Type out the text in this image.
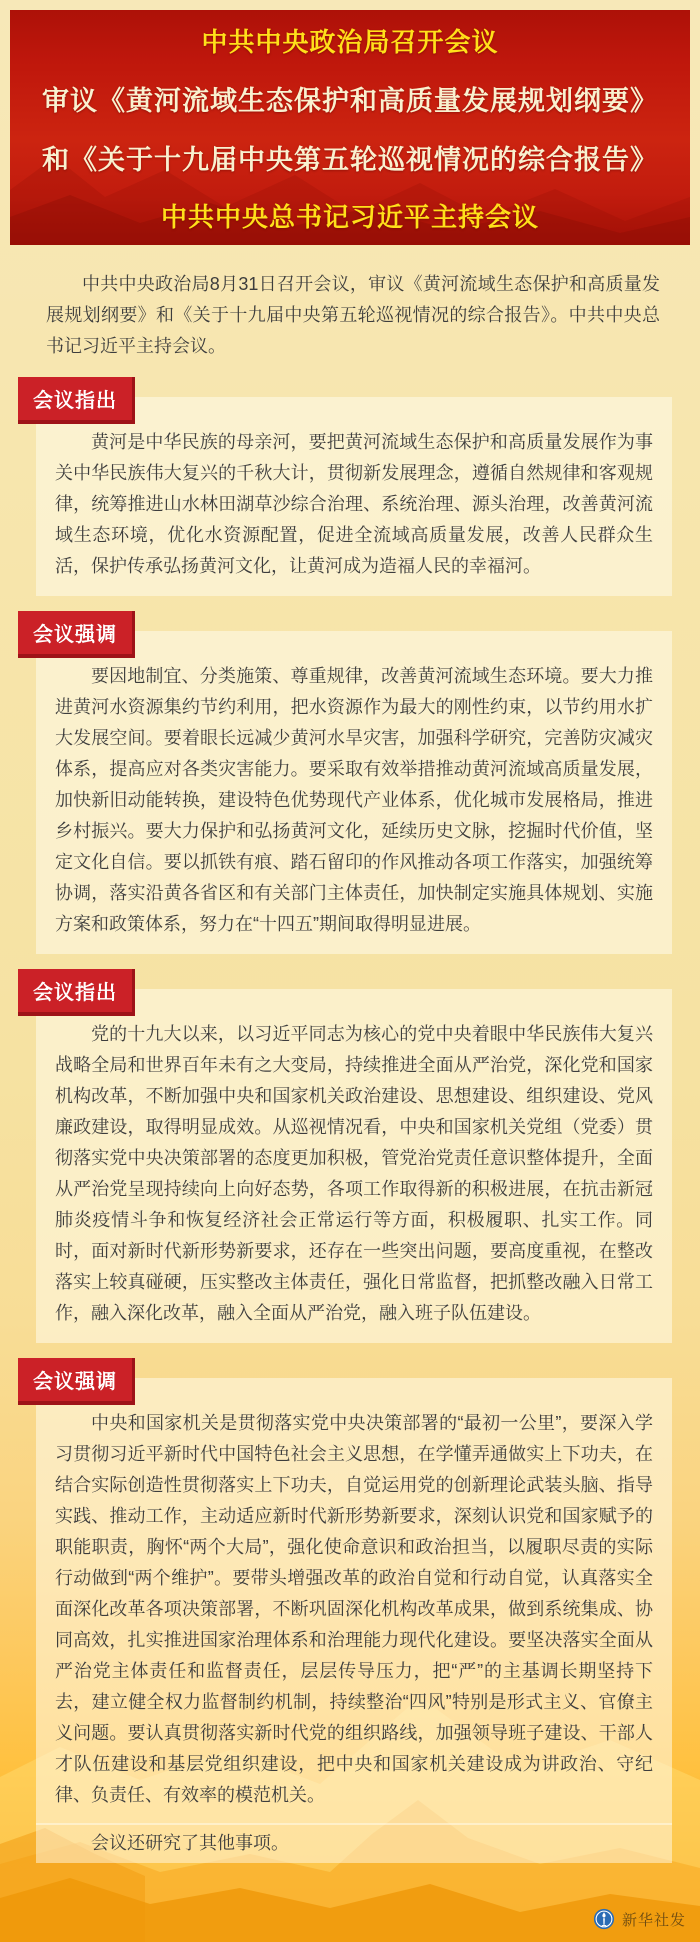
中共中央政治局召开会议
审议《黄河流域生态保护和高质量发展规划纲要》
和《关于十九届中央第五轮巡视情况的综合报告》
中共中央总书记习近平主持会议

中共中央政治局8月31日召开会议，审议《黄河流域生态保护和高质量发展规划纲要》和《关于十九届中央第五轮巡视情况的综合报告》。中共中央总书记习近平主持会议。

会议指出

黄河是中华民族的母亲河，要把黄河流域生态保护和高质量发展作为事关中华民族伟大复兴的千秋大计，贯彻新发展理念，遵循自然规律和客观规律，统筹推进山水林田湖草沙综合治理、系统治理、源头治理，改善黄河流域生态环境，优化水资源配置，促进全流域高质量发展，改善人民群众生活，保护传承弘扬黄河文化，让黄河成为造福人民的幸福河。

会议强调

要因地制宜、分类施策、尊重规律，改善黄河流域生态环境。要大力推进黄河水资源集约节约利用，把水资源作为最大的刚性约束，以节约用水扩大发展空间。要着眼长远减少黄河水旱灾害，加强科学研究，完善防灾减灾体系，提高应对各类灾害能力。要采取有效举措推动黄河流域高质量发展，加快新旧动能转换，建设特色优势现代产业体系，优化城市发展格局，推进乡村振兴。要大力保护和弘扬黄河文化，延续历史文脉，挖掘时代价值，坚定文化自信。要以抓铁有痕、踏石留印的作风推动各项工作落实，加强统筹协调，落实沿黄各省区和有关部门主体责任，加快制定实施具体规划、实施方案和政策体系，努力在“十四五”期间取得明显进展。

会议指出

党的十九大以来，以习近平同志为核心的党中央着眼中华民族伟大复兴战略全局和世界百年未有之大变局，持续推进全面从严治党，深化党和国家机构改革，不断加强中央和国家机关政治建设、思想建设、组织建设、党风廉政建设，取得明显成效。从巡视情况看，中央和国家机关党组（党委）贯彻落实党中央决策部署的态度更加积极，管党治党责任意识整体提升，全面从严治党呈现持续向上向好态势，各项工作取得新的积极进展，在抗击新冠肺炎疫情斗争和恢复经济社会正常运行等方面，积极履职、扎实工作。同时，面对新时代新形势新要求，还存在一些突出问题，要高度重视，在整改落实上较真碰硬，压实整改主体责任，强化日常监督，把抓整改融入日常工作，融入深化改革，融入全面从严治党，融入班子队伍建设。

会议强调

中央和国家机关是贯彻落实党中央决策部署的“最初一公里”，要深入学习贯彻习近平新时代中国特色社会主义思想，在学懂弄通做实上下功夫，在结合实际创造性贯彻落实上下功夫，自觉运用党的创新理论武装头脑、指导实践、推动工作，主动适应新时代新形势新要求，深刻认识党和国家赋予的职能职责，胸怀“两个大局”，强化使命意识和政治担当，以履职尽责的实际行动做到“两个维护”。要带头增强改革的政治自觉和行动自觉，认真落实全面深化改革各项决策部署，不断巩固深化机构改革成果，做到系统集成、协同高效，扎实推进国家治理体系和治理能力现代化建设。要坚决落实全面从严治党主体责任和监督责任，层层传导压力，把“严”的主基调长期坚持下去，建立健全权力监督制约机制，持续整治“四风”特别是形式主义、官僚主义问题。要认真贯彻落实新时代党的组织路线，加强领导班子建设、干部人才队伍建设和基层党组织建设，把中央和国家机关建设成为讲政治、守纪律、负责任、有效率的模范机关。

会议还研究了其他事项。
新华社发
